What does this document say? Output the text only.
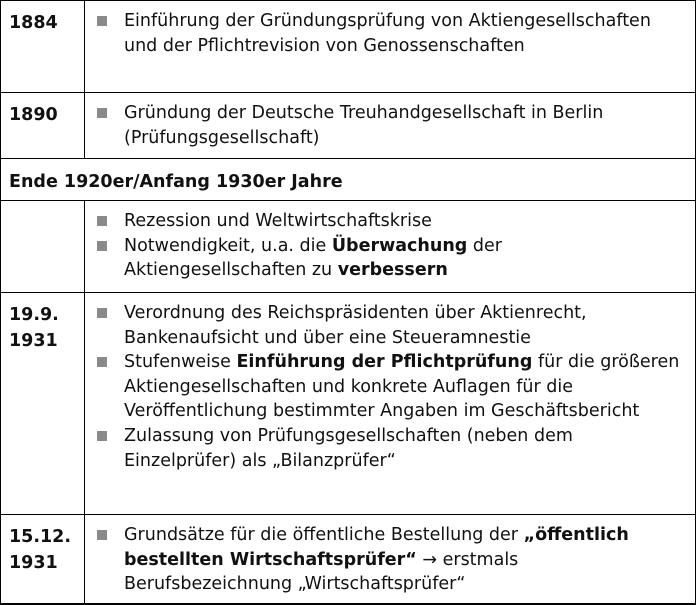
1884	Einführung der Gründungsprüfung von Aktiengesellschaften und der Pflichtrevision von Genossenschaften
1890	Gründung der Deutsche Treuhandgesellschaft in Berlin (Prüfungsgesellschaft)
Ende 1920er/Anfang 1930er Jahre
Rezession und Weltwirtschaftskrise
Notwendigkeit, u.a. die Überwachung der Aktiengesellschaften zu verbessern
19.9. 1931
Verordnung des Reichspräsidenten über Aktienrecht, Bankenaufsicht und über eine Steueramnestie
Stufenweise Einführung der Pflichtprüfung für die größeren Aktiengesellschaften und konkrete Auflagen für die Veröffentlichung bestimmter Angaben im Geschäftsbericht
Zulassung von Prüfungsgesellschaften (neben dem Einzelprüfer) als „Bilanzprüfer“
15.12. 1931
Grundsätze für die öffentliche Bestellung der „öffentlich bestellten Wirtschaftsprüfer“ → erstmals Berufsbezeichnung „Wirtschaftsprüfer“
